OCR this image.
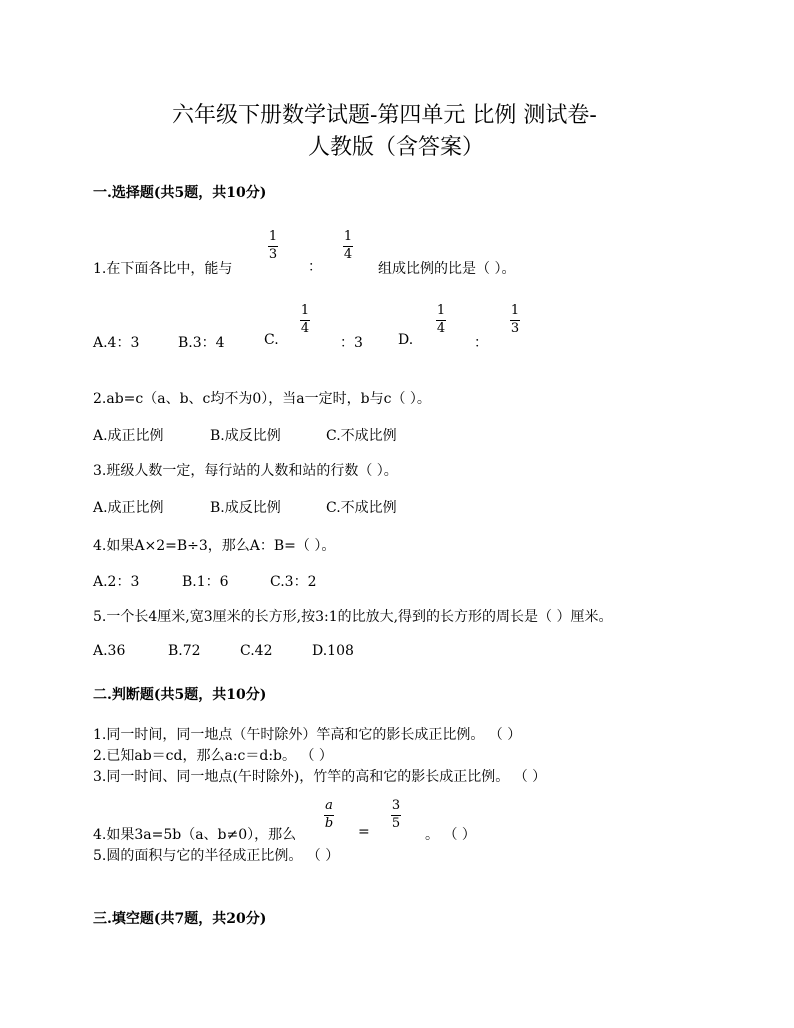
六年级下册数学试题-第四单元 比例 测试卷-
人教版（含答案）
一.选择题(共5题，共10分)
1.在下面各比中，能与
1
3
：
1
4
组成比例的比是（ ）。
A.4：3	B.3：4	C.
1
4
：3	D.
1
4
：
1
3
2.ab=c（a、b、c均不为0），当a一定时，b与c（ ）。
A.成正比例	B.成反比例	C.不成比例
3.班级人数一定，每行站的人数和站的行数（ ）。
A.成正比例	B.成反比例	C.不成比例
4.如果A×2=B÷3，那么A：B=（ ）。
A.2：3	B.1：6	C.3：2
5.一个长4厘米,宽3厘米的长方形,按3:1的比放大,得到的长方形的周长是（ ）厘米。
A.36	B.72	C.42	D.108
二.判断题(共5题，共10分)
1.同一时间，同一地点（午时除外）竿高和它的影长成正比例。 （ ）
2.已知ab＝cd，那么a:c＝d:b。 （ ）
3.同一时间、同一地点(午时除外)，竹竿的高和它的影长成正比例。 （ ）
4.如果3a=5b（a、b≠0），那么
a
b
=
3
5
。 （ ）
5.圆的面积与它的半径成正比例。 （ ）
三.填空题(共7题，共20分)
